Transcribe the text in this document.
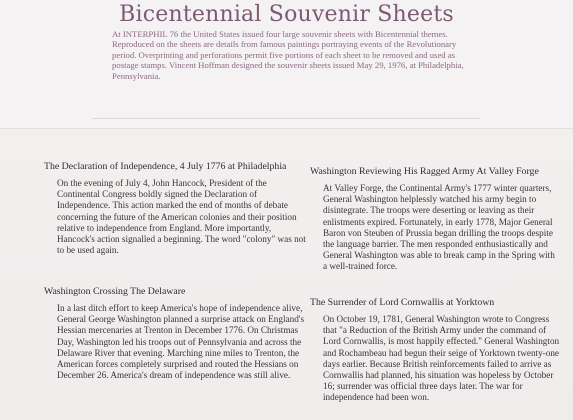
Bicentennial Souvenir Sheets
At INTERPHIL 76 the United States issued four large souvenir sheets with Bicentennial themes. Reproduced on the sheets are details from famous paintings portraying events of the Revolutionary period. Overprinting and perforations permit five portions of each sheet to be removed and used as postage stamps. Vincent Hoffman designed the souvenir sheets issued May 29, 1976, at Philadelphia, Pennsylvania.
The Declaration of Independence, 4 July 1776 at Philadelphia
On the evening of July 4, John Hancock, President of the Continental Congress boldly signed the Declaration of Independence. This action marked the end of months of debate concerning the future of the American colonies and their position relative to independence from England. More importantly, Hancock's action signalled a beginning. The word "colony" was not to be used again.
Washington Reviewing His Ragged Army At Valley Forge
At Valley Forge, the Continental Army's 1777 winter quarters, General Washington helplessly watched his army begin to disintegrate. The troops were deserting or leaving as their enlistments expired. Fortunately, in early 1778, Major General Baron von Steuben of Prussia began drilling the troops despite the language barrier. The men responded enthusiastically and General Washington was able to break camp in the Spring with a well-trained force.
Washington Crossing The Delaware
In a last ditch effort to keep America's hope of independence alive, General George Washington planned a surprise attack on England's Hessian mercenaries at Trenton in December 1776. On Christmas Day, Washington led his troops out of Pennsylvania and across the Delaware River that evening. Marching nine miles to Trenton, the American forces completely surprised and routed the Hessians on December 26. America's dream of independence was still alive.
The Surrender of Lord Cornwallis at Yorktown
On October 19, 1781, General Washington wrote to Congress that "a Reduction of the British Army under the command of Lord Cornwallis, is most happily effected." General Washington and Rochambeau had begun their seige of Yorktown twenty-one days earlier. Because British reinforcements failed to arrive as Cornwallis had planned, his situation was hopeless by October 16; surrender was official three days later. The war for independence had been won.
